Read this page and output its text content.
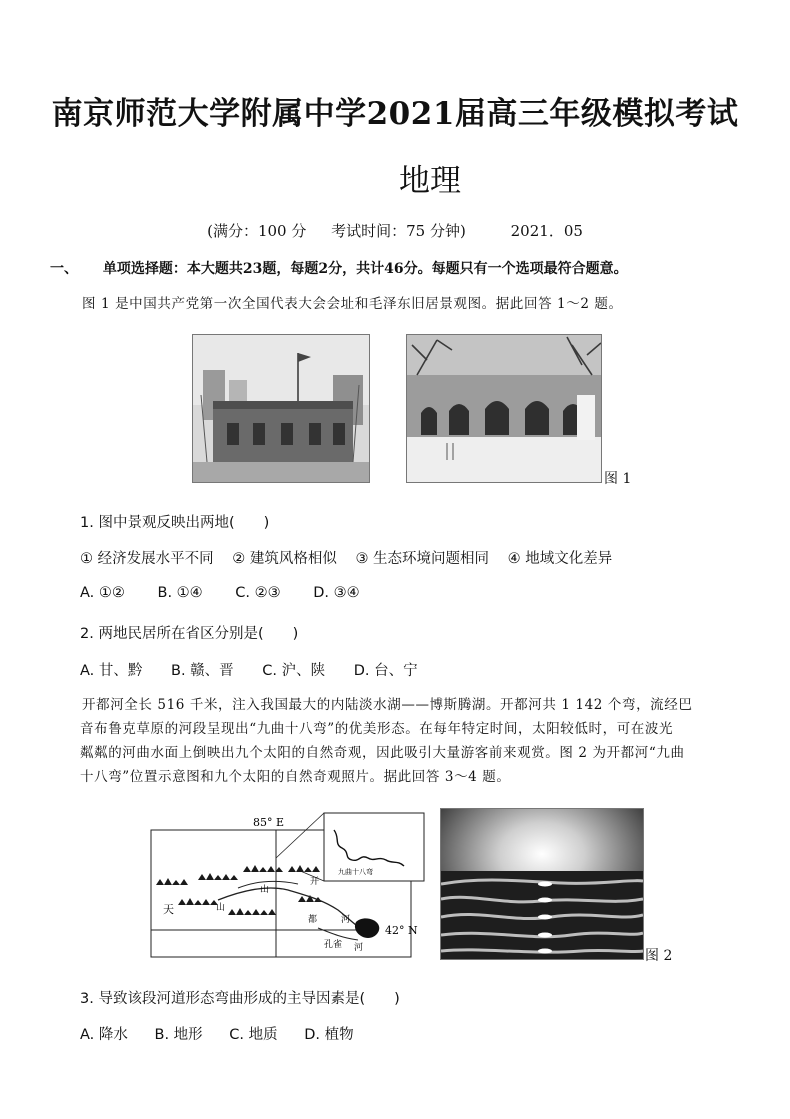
南京师范大学附属中学2021届高三年级模拟考试
地理
(满分：100 分 考试时间：75 分钟)	2021．05
一、 单项选择题：本大题共23题，每题2分，共计46分。每题只有一个选项最符合题意。
图 1 是中国共产党第一次全国代表大会会址和毛泽东旧居景观图。据此回答 1～2 题。
图 1
1. 图中景观反映出两地(　　)
① 经济发展水平不同 ② 建筑风格相似 ③ 生态环境问题相同 ④ 地域文化差异
A. ①② B. ①④ C. ②③ D. ③④
2. 两地民居所在省区分别是(　　)
A. 甘、黔 B. 赣、晋 C. 沪、陕 D. 台、宁
开都河全长 516 千米，注入我国最大的内陆淡水湖——博斯腾湖。开都河共 1 142 个弯，流经巴
音布鲁克草原的河段呈现出“九曲十八弯”的优美形态。在每年特定时间，太阳较低时，可在波光
粼粼的河曲水面上倒映出九个太阳的自然奇观，因此吸引大量游客前来观赏。图 2 为开都河“九曲
十八弯”位置示意图和九个太阳的自然奇观照片。据此回答 3～4 题。
85° E
42° N
九曲十八弯
天
山
山
开
都	河
孔雀 河	图 2
3. 导致该段河道形态弯曲形成的主导因素是(　　)
A. 降水 B. 地形 C. 地质 D. 植物
